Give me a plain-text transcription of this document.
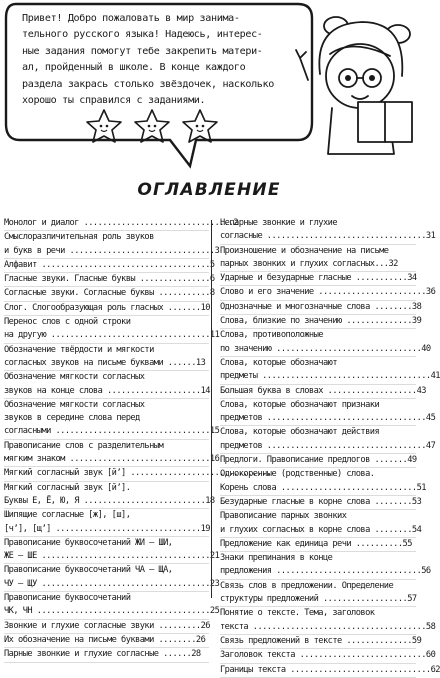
Привет! Добро пожаловать в мир занима-
тельного русского языка! Надеюсь, интерес-
ные задания помогут тебе закрепить матери-
ал, пройденный в школе. В конце каждого
раздела закрась столько звёздочек, насколько
хорошо ты справился с заданиями.
ОГЛАВЛЕНИЕ
Монолог и диалог ................................2
Смыслоразличительная роль звуков
и букв в речи ...............................3
Алфавит ....................................5
Гласные звуки. Гласные буквы ...............6
Согласные звуки. Согласные буквы ...........8
Слог. Слогообразующая роль гласных .......10
Перенос слов с одной строки
на другую ..................................11
Обозначение твёрдости и мягкости
согласных звуков на письме буквами ......13
Обозначение мягкости согласных
звуков на конце слова ....................14
Обозначение мягкости согласных
звуков в середине слова перед
согласными .................................15
Правописание слов с разделительным
мягким знаком ..............................16
Мягкий согласный звук [йʼ] ..............................
Мягкий согласный звук [йʼ].
Буквы Е, Ё, Ю, Я ..........................18
Шипящие согласные [ж], [ш],
[чʼ], [щʼ] ...............................19
Правописание буквосочетаний ЖИ – ШИ,
ЖЕ – ШЕ ....................................21
Правописание буквосочетаний ЧА – ЩА,
ЧУ – ЩУ ....................................23
Правописание буквосочетаний
ЧК, ЧН .....................................25
Звонкие и глухие согласные звуки .........26
Их обозначение на письме буквами ........26
Парные звонкие и глухие согласные ......28
Непарные звонкие и глухие
согласные ..................................31
Произношение и обозначение на письме
парных звонких и глухих согласных...32
Ударные и безударные гласные ...........34
Слово и его значение .......................36
Однозначные и многозначные слова ........38
Слова, близкие по значению ..............39
Слова, противоположные
по значению ...............................40
Слова, которые обозначают
предметы ....................................41
Большая буква в словах ...................43
Слова, которые обозначают признаки
предметов ..................................45
Слова, которые обозначают действия
предметов ..................................47
Предлоги. Правописание предлогов .......49
Однокоренные (родственные) слова.
Корень слова .............................51
Безударные гласные в корне слова ........53
Правописание парных звонких
и глухих согласных в корне слова ........54
Предложение как единица речи ..........55
Знаки препинания в конце
предложения ...............................56
Связь слов в предложении. Определение
структуры предложений ..................57
Понятие о тексте. Тема, заголовок
текста .....................................58
Связь предложений в тексте ..............59
Заголовок текста ...........................60
Границы текста ..............................62
